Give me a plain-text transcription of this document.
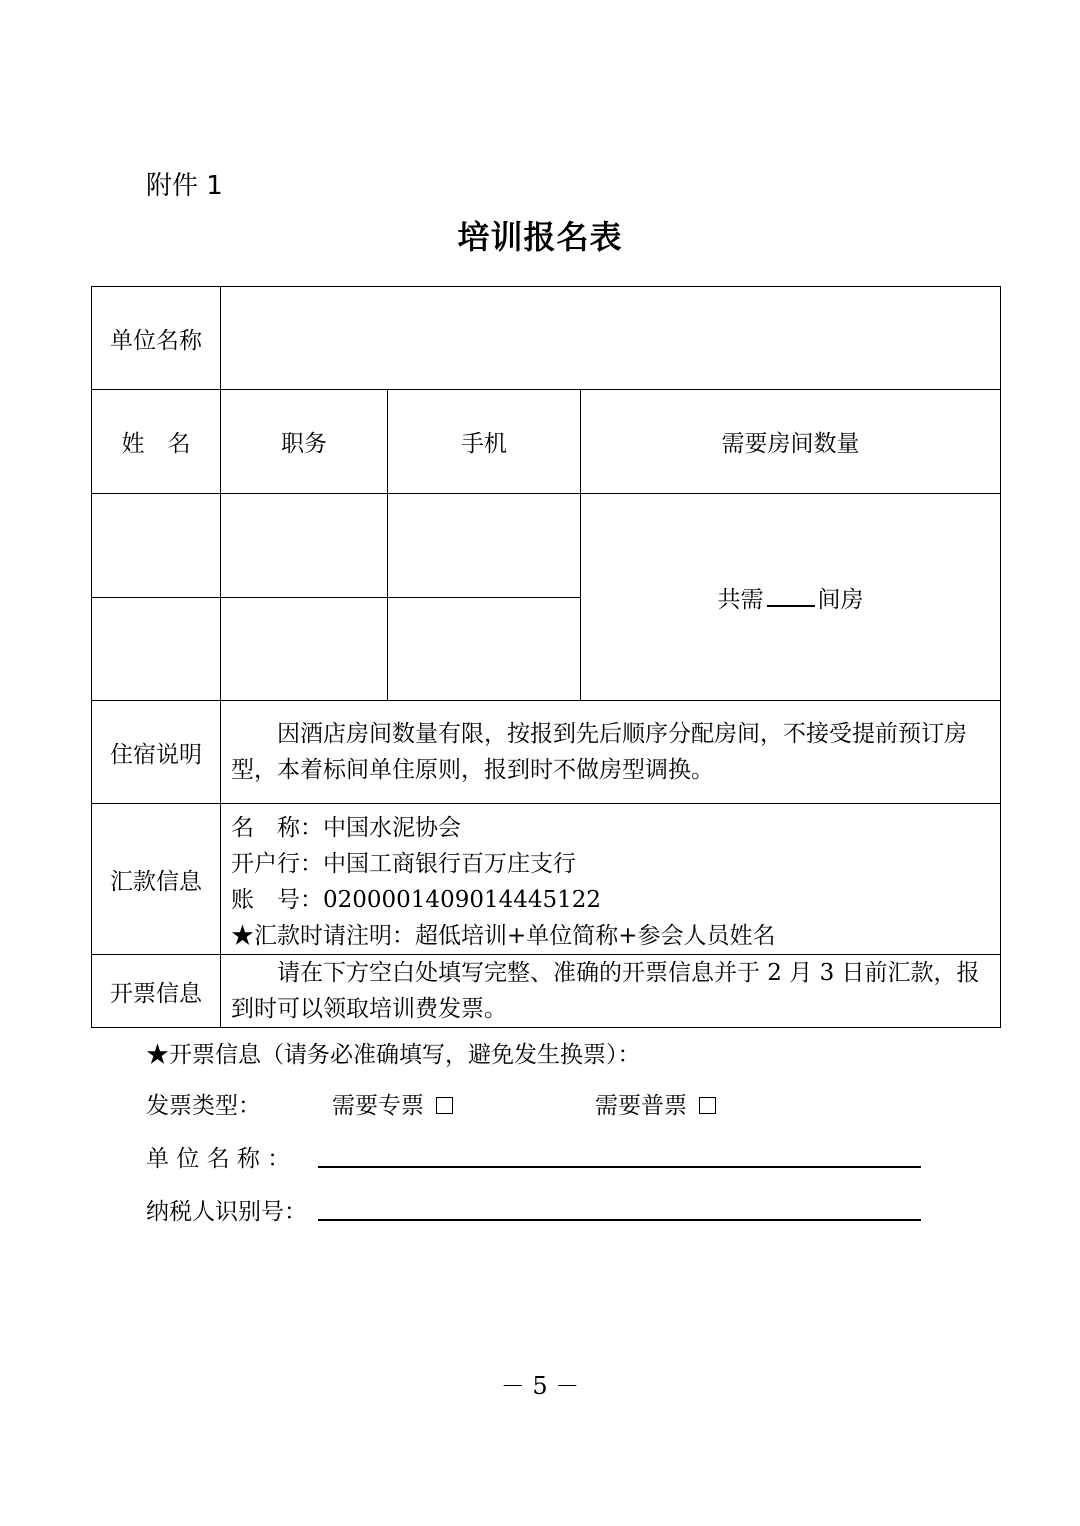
附件 1
培训报名表
单位名称			
姓　名	职务	手机	需要房间数量
			共需 间房

住宿说明	因酒店房间数量有限，按报到先后顺序分配房间，不接受提前预订房型，本着标间单住原则，报到时不做房型调换。		
汇款信息	名　称：中国水泥协会
开户行：中国工商银行百万庄支行
账　号：0200001409014445122
★汇款时请注明：超低培训+单位简称+参会人员姓名		

开票信息	请在下方空白处填写完整、准确的开票信息并于 2 月 3 日前汇款，报到时可以领取培训费发票。		
★开票信息（请务必准确填写，避免发生换票）：
发票类型：	需要专票	需要普票
单 位 名 称 ：
纳税人识别号：
－ 5 －
